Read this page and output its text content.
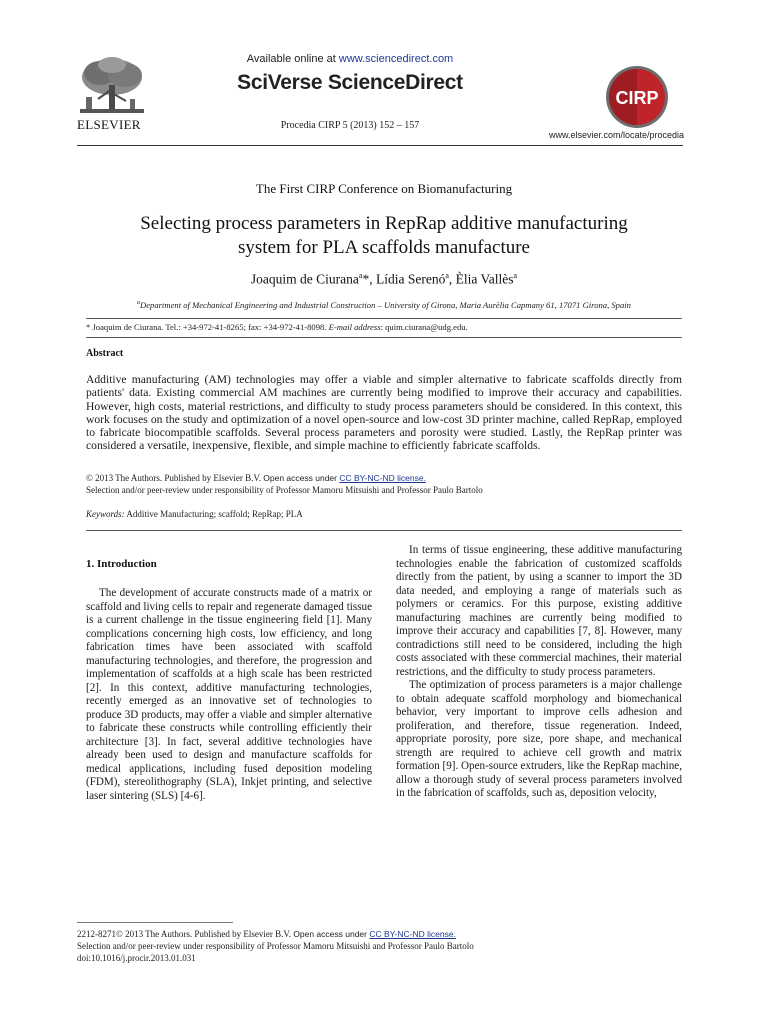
ELSEVIER
Available online at www.sciencedirect.com
SciVerse ScienceDirect
Procedia CIRP 5 (2013) 152 – 157
CIRP
www.elsevier.com/locate/procedia
The First CIRP Conference on Biomanufacturing
Selecting process parameters in RepRap additive manufacturing
system for PLA scaffolds manufacture
Joaquim de Ciurana$^a$*, Lídia Serenó$^a$, Èlia Vallès$^a$
$^a$Department of Mechanical Engineering and Industrial Construction – University of Girona, Maria Aurèlia Capmany 61, 17071 Girona, Spain
* Joaquim de Ciurana. Tel.: +34-972-41-8265; fax: +34-972-41-8098. E-mail address: quim.ciurana@udg.edu.
Abstract
Additive manufacturing (AM) technologies may offer a viable and simpler alternative to fabricate scaffolds directly from patients' data. Existing commercial AM machines are currently being modified to improve their accuracy and capabilities. However, high costs, material restrictions, and difficulty to study process parameters should be considered. In this context, this work focuses on the study and optimization of a novel open-source and low-cost 3D printer machine, called RepRap, employed to fabricate biocompatible scaffolds. Several process parameters and porosity were studied. Lastly, the RepRap printer was considered a versatile, inexpensive, flexible, and simple machine to efficiently fabricate scaffolds.
© 2013 The Authors. Published by Elsevier B.V. Open access under CC BY-NC-ND license.
Selection and/or peer-review under responsibility of Professor Mamoru Mitsuishi and Professor Paulo Bartolo
Keywords: Additive Manufacturing; scaffold; RepRap; PLA
1. Introduction

The development of accurate constructs made of a matrix or scaffold and living cells to repair and regenerate damaged tissue is a current challenge in the tissue engineering field [1]. Many complications concerning high costs, low efficiency, and long fabrication times have been associated with scaffold manufacturing technologies, and therefore, the progression and implementation of scaffolds at a high scale has been restricted [2]. In this context, additive manufacturing technologies, recently emerged as an innovative set of technologies to produce 3D products, may offer a viable and simpler alternative to fabricate these constructs while controlling efficiently their architecture [3]. In fact, several additive technologies have already been used to design and manufacture scaffolds for medical applications, including fused deposition modeling (FDM), stereolithography (SLA), Inkjet printing, and selective laser sintering (SLS) [4-6].

In terms of tissue engineering, these additive manufacturing technologies enable the fabrication of customized scaffolds directly from the patient, by using a scanner to import the 3D data needed, and employing a range of materials such as polymers or ceramics. For this purpose, existing additive manufacturing machines are currently being modified to improve their accuracy and capabilities [7, 8]. However, many contradictions still need to be considered, including the high costs associated with these commercial machines, their material restrictions, and the difficulty to study process parameters.

The optimization of process parameters is a major challenge to obtain adequate scaffold morphology and biomechanical behavior, very important to improve cells adhesion and proliferation, and therefore, tissue regeneration. Indeed, appropriate porosity, pore size, pore shape, and mechanical strength are required to achieve cell growth and matrix formation [9]. Open-source extruders, like the RepRap machine, allow a thorough study of several process parameters involved in the fabrication of scaffolds, such as, deposition velocity,

2212-8271© 2013 The Authors. Published by Elsevier B.V. Open access under CC BY-NC-ND license.
Selection and/or peer-review under responsibility of Professor Mamoru Mitsuishi and Professor Paulo Bartolo
doi:10.1016/j.procir.2013.01.031
